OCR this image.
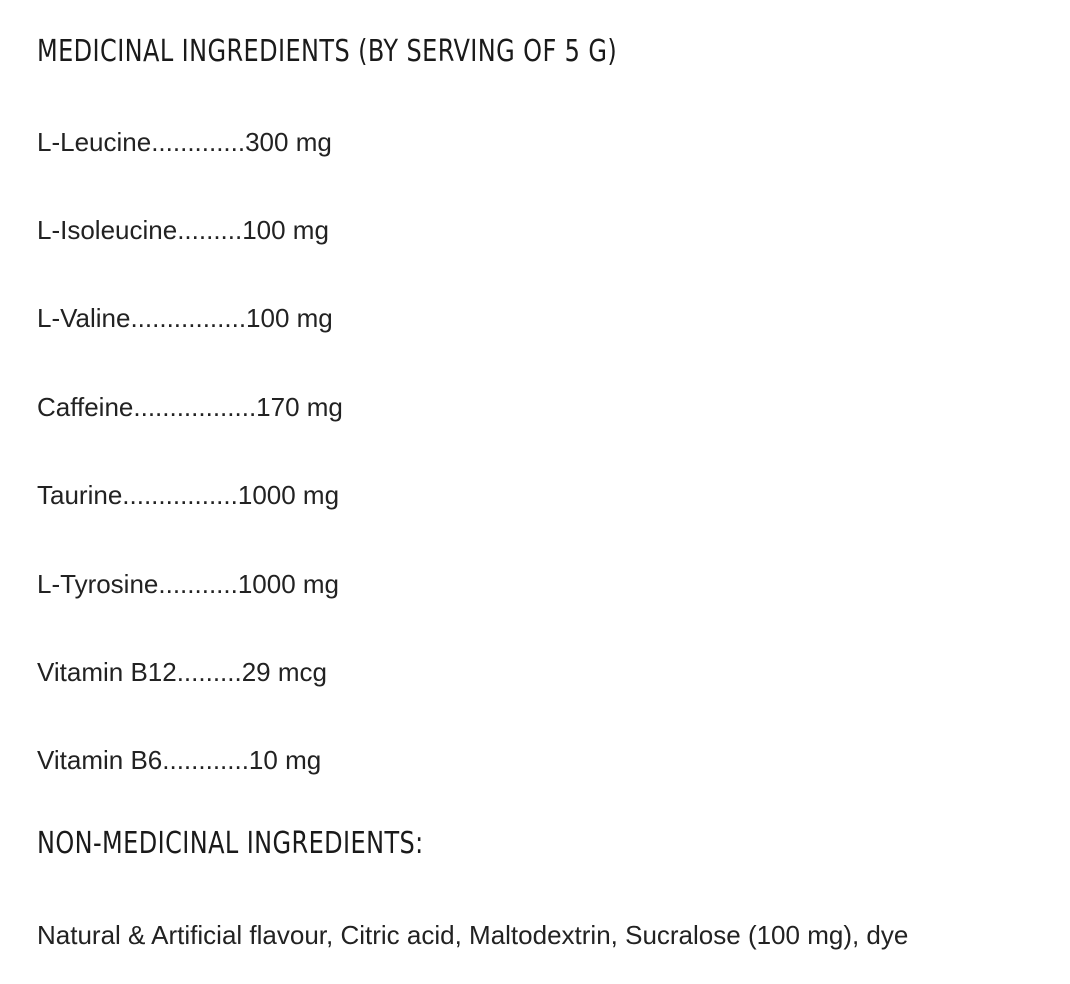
MEDICINAL INGREDIENTS (BY SERVING OF 5 G)
L-Leucine.............300 mg
L-Isoleucine.........100 mg
L-Valine................100 mg
Caffeine.................170 mg
Taurine................1000 mg
L-Tyrosine...........1000 mg
Vitamin B12.........29 mcg
Vitamin B6............10 mg
NON-MEDICINAL INGREDIENTS:

Natural & Artificial flavour, Citric acid, Maltodextrin, Sucralose (100 mg), dye
